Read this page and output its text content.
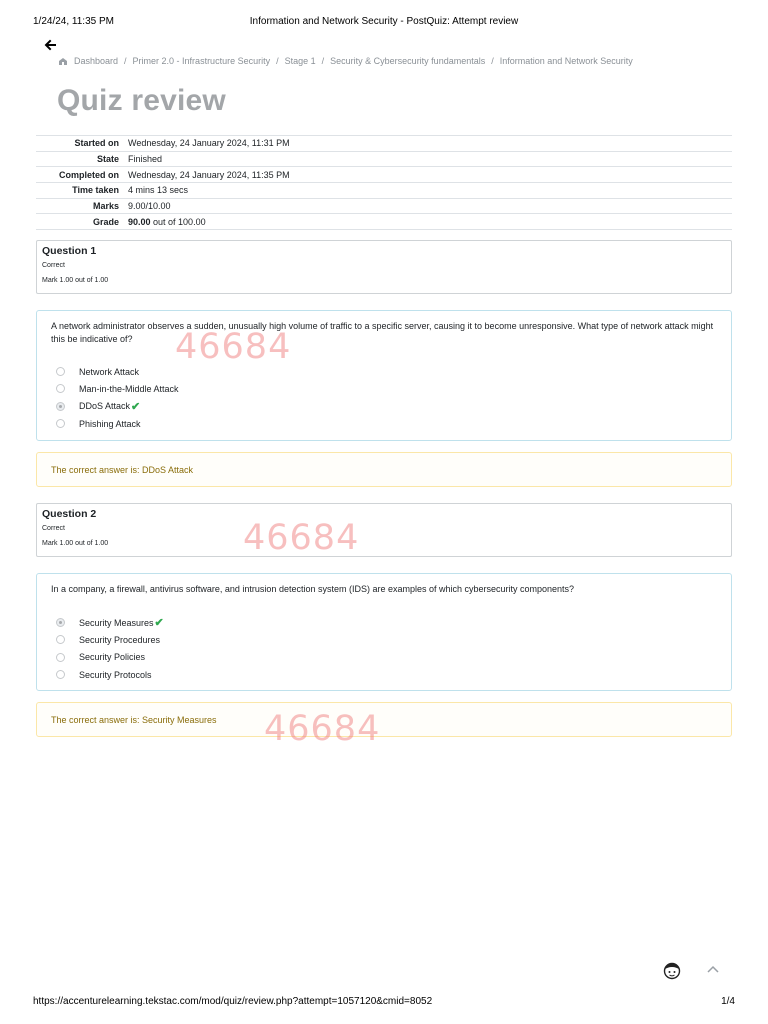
1/24/24, 11:35 PM	Information and Network Security - PostQuiz: Attempt review
Dashboard / Primer 2.0 - Infrastructure Security / Stage 1 / Security & Cybersecurity fundamentals / Information and Network Security
Quiz review
Started on	Wednesday, 24 January 2024, 11:31 PM
State	Finished
Completed on	Wednesday, 24 January 2024, 11:35 PM
Time taken	4 mins 13 secs
Marks	9.00/10.00
Grade	90.00 out of 100.00
Question 1
Correct
Mark 1.00 out of 1.00
A network administrator observes a sudden, unusually high volume of traffic to a specific server, causing it to become unresponsive. What type of network attack might this be indicative of?
Network Attack
Man-in-the-Middle Attack
DDoS Attack ✔
Phishing Attack
The correct answer is: DDoS Attack
Question 2
Correct
Mark 1.00 out of 1.00
In a company, a firewall, antivirus software, and intrusion detection system (IDS) are examples of which cybersecurity components?
Security Measures ✔
Security Procedures
Security Policies
Security Protocols
The correct answer is: Security Measures
46684
46684
46684
https://accenturelearning.tekstac.com/mod/quiz/review.php?attempt=1057120&cmid=8052	1/4
